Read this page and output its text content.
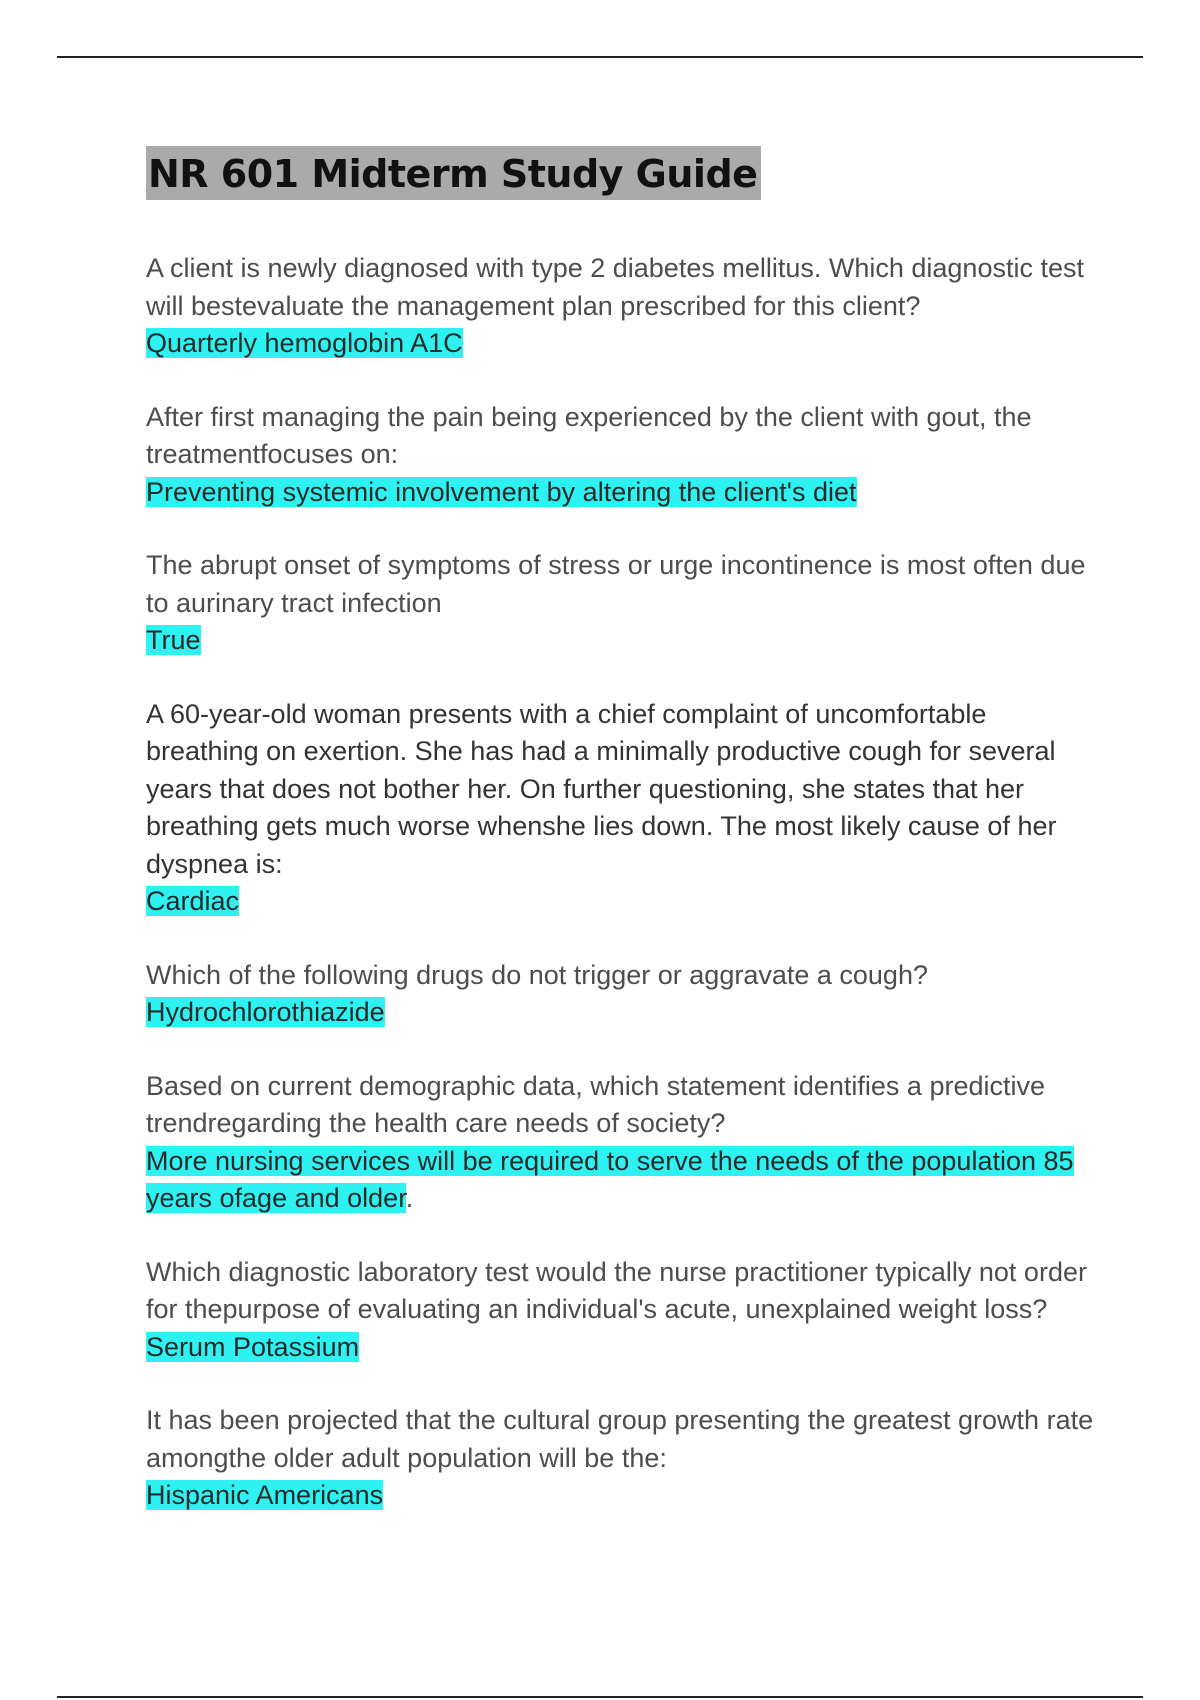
NR 601 Midterm Study Guide

A client is newly diagnosed with type 2 diabetes mellitus. Which diagnostic test will bestevaluate the management plan prescribed for this client?
Quarterly hemoglobin A1C

After first managing the pain being experienced by the client with gout, the treatmentfocuses on:
Preventing systemic involvement by altering the client's diet

The abrupt onset of symptoms of stress or urge incontinence is most often due to aurinary tract infection
True

A 60-year-old woman presents with a chief complaint of uncomfortable breathing on exertion. She has had a minimally productive cough for several years that does not bother her. On further questioning, she states that her breathing gets much worse whenshe lies down. The most likely cause of her dyspnea is:
Cardiac

Which of the following drugs do not trigger or aggravate a cough?Hydrochlorothiazide

Based on current demographic data, which statement identifies a predictive trendregarding the health care needs of society?
More nursing services will be required to serve the needs of the population 85 years ofage and older.

Which diagnostic laboratory test would the nurse practitioner typically not order for thepurpose of evaluating an individual's acute, unexplained weight loss?
Serum Potassium

It has been projected that the cultural group presenting the greatest growth rate amongthe older adult population will be the:
Hispanic Americans
